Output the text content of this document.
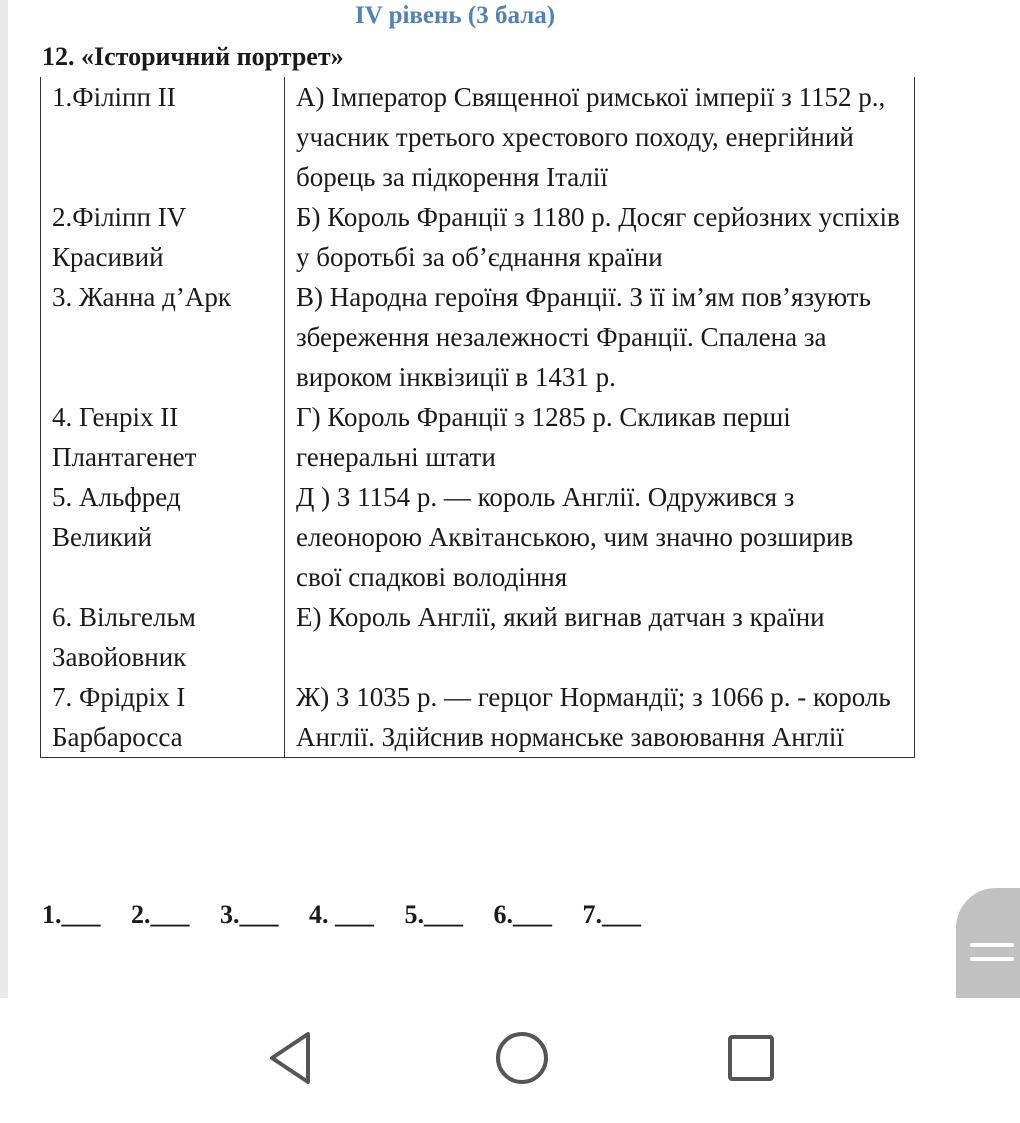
IV рівень (3 бала)
12. «Історичний портрет»
1.Філіпп ІІ	А) Імператор Священної римської імперії з 1152 р., учасник третього хрестового походу, енергійний борець за підкорення Італії
2.Філіпп IV Красивий	Б) Король Франції з 1180 р. Досяг серйозних успіхів у боротьбі за об’єднання країни
3. Жанна д’Арк	В) Народна героїня Франції. З її ім’ям пов’язують збереження незалежності Франції. Спалена за вироком інквізиції в 1431 р.
4. Генріх ІІ Плантагенет	Г) Король Франції з 1285 р. Скликав перші генеральні штати
5. Альфред Великий	Д ) З 1154 р. — король Англії. Одружився з елеонорою Аквітанською, чим значно розширив свої спадкові володіння
6. Вільгельм Завойовник	Е) Король Англії, який вигнав датчан з країни
7. Фрідріх І Барбаросса	Ж) З 1035 р. — герцог Нормандії; з 1066 р. - король Англії. Здійснив норманське завоювання Англії
1.___ 2.___ 3.___ 4. ___ 5.___ 6.___ 7.___
